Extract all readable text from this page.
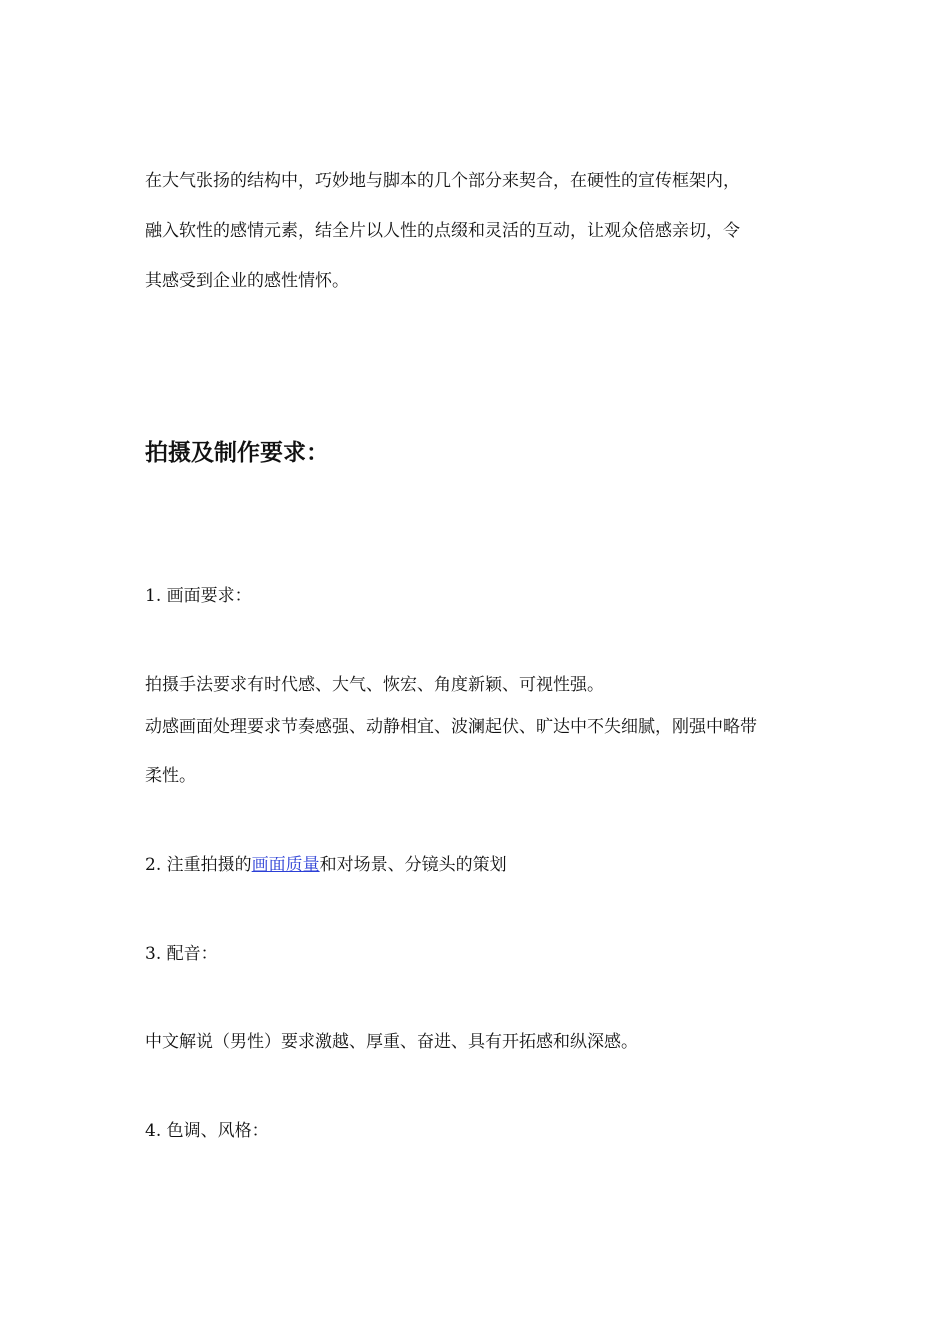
在大气张扬的结构中，巧妙地与脚本的几个部分来契合，在硬性的宣传框架内，
融入软性的感情元素，结全片以人性的点缀和灵活的互动，让观众倍感亲切，令
其感受到企业的感性情怀。
拍摄及制作要求：
1. 画面要求：
拍摄手法要求有时代感、大气、恢宏、角度新颖、可视性强。
动感画面处理要求节奏感强、动静相宜、波澜起伏、旷达中不失细腻，刚强中略带
柔性。
2. 注重拍摄的画面质量和对场景、分镜头的策划
3. 配音：
中文解说（男性）要求激越、厚重、奋进、具有开拓感和纵深感。
4. 色调、风格：
